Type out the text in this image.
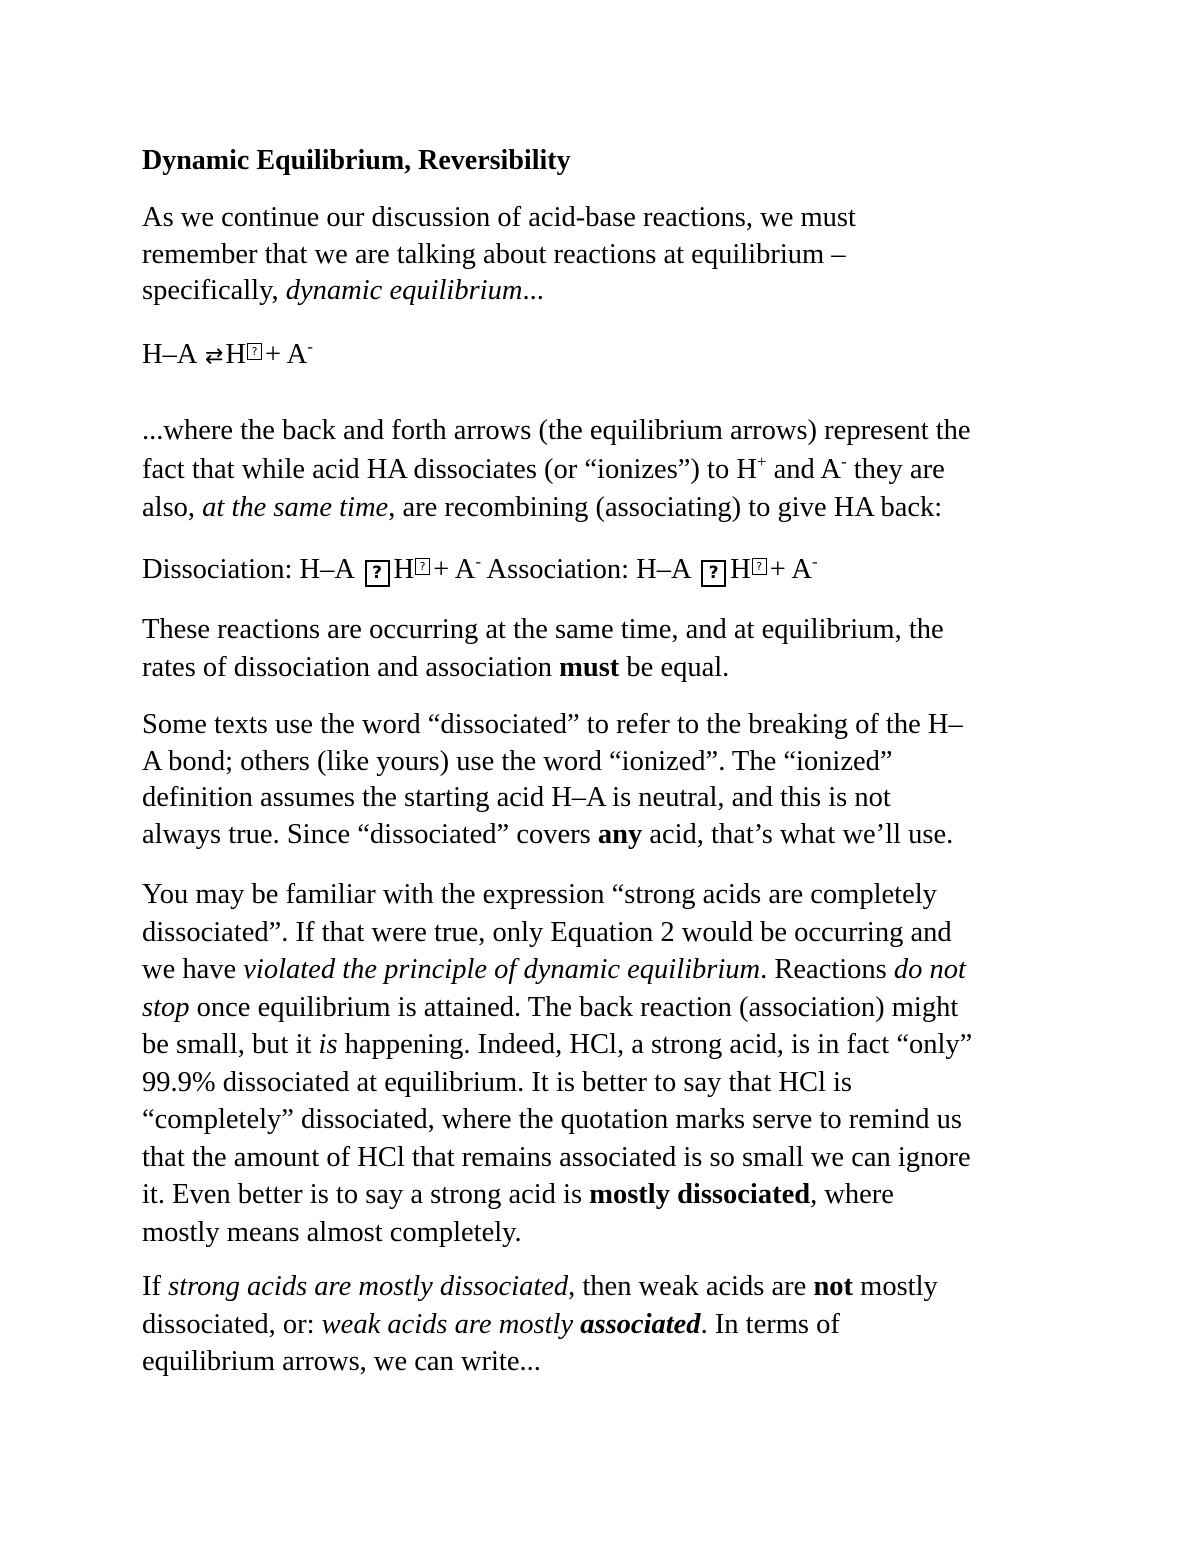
Dynamic Equilibrium, Reversibility
As we continue our discussion of acid-base reactions, we must
remember that we are talking about reactions at equilibrium –
specifically, dynamic equilibrium...
H–A ⇄H ? + A-
...where the back and forth arrows (the equilibrium arrows) represent the
fact that while acid HA dissociates (or “ionizes”) to H+ and A- they are
also, at the same time, are recombining (associating) to give HA back:
Dissociation: H–A ? H ? + A- Association: H–A ? H ? + A-
These reactions are occurring at the same time, and at equilibrium, the
rates of dissociation and association must be equal.
Some texts use the word “dissociated” to refer to the breaking of the H–
A bond; others (like yours) use the word “ionized”. The “ionized”
definition assumes the starting acid H–A is neutral, and this is not
always true. Since “dissociated” covers any acid, that’s what we’ll use.
You may be familiar with the expression “strong acids are completely
dissociated”. If that were true, only Equation 2 would be occurring and
we have violated the principle of dynamic equilibrium. Reactions do not
stop once equilibrium is attained. The back reaction (association) might
be small, but it is happening. Indeed, HCl, a strong acid, is in fact “only”
99.9% dissociated at equilibrium. It is better to say that HCl is
“completely” dissociated, where the quotation marks serve to remind us
that the amount of HCl that remains associated is so small we can ignore
it. Even better is to say a strong acid is mostly dissociated, where
mostly means almost completely.
If strong acids are mostly dissociated, then weak acids are not mostly
dissociated, or: weak acids are mostly associated. In terms of
equilibrium arrows, we can write...
